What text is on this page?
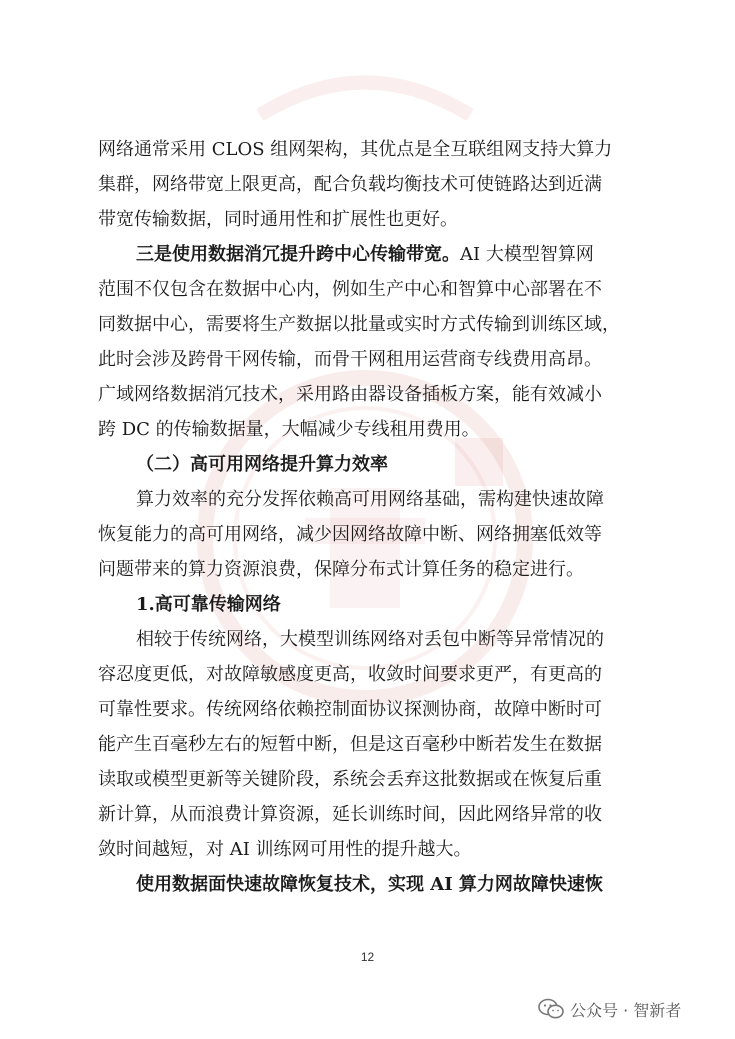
网络通常采用 CLOS 组网架构，其优点是全互联组网支持大算力
集群，网络带宽上限更高，配合负载均衡技术可使链路达到近满
带宽传输数据，同时通用性和扩展性也更好。

三是使用数据消冗提升跨中心传输带宽。AI 大模型智算网
范围不仅包含在数据中心内，例如生产中心和智算中心部署在不
同数据中心，需要将生产数据以批量或实时方式传输到训练区域，
此时会涉及跨骨干网传输，而骨干网租用运营商专线费用高昂。
广域网络数据消冗技术，采用路由器设备插板方案，能有效减小
跨 DC 的传输数据量，大幅减少专线租用费用。

（二）高可用网络提升算力效率

算力效率的充分发挥依赖高可用网络基础，需构建快速故障
恢复能力的高可用网络，减少因网络故障中断、网络拥塞低效等
问题带来的算力资源浪费，保障分布式计算任务的稳定进行。

1.高可靠传输网络

相较于传统网络，大模型训练网络对丢包中断等异常情况的
容忍度更低，对故障敏感度更高，收敛时间要求更严，有更高的
可靠性要求。传统网络依赖控制面协议探测协商，故障中断时可
能产生百毫秒左右的短暂中断，但是这百毫秒中断若发生在数据
读取或模型更新等关键阶段，系统会丢弃这批数据或在恢复后重
新计算，从而浪费计算资源，延长训练时间，因此网络异常的收
敛时间越短，对 AI 训练网可用性的提升越大。

使用数据面快速故障恢复技术，实现 AI 算力网故障快速恢

12
公众号 · 智新者
